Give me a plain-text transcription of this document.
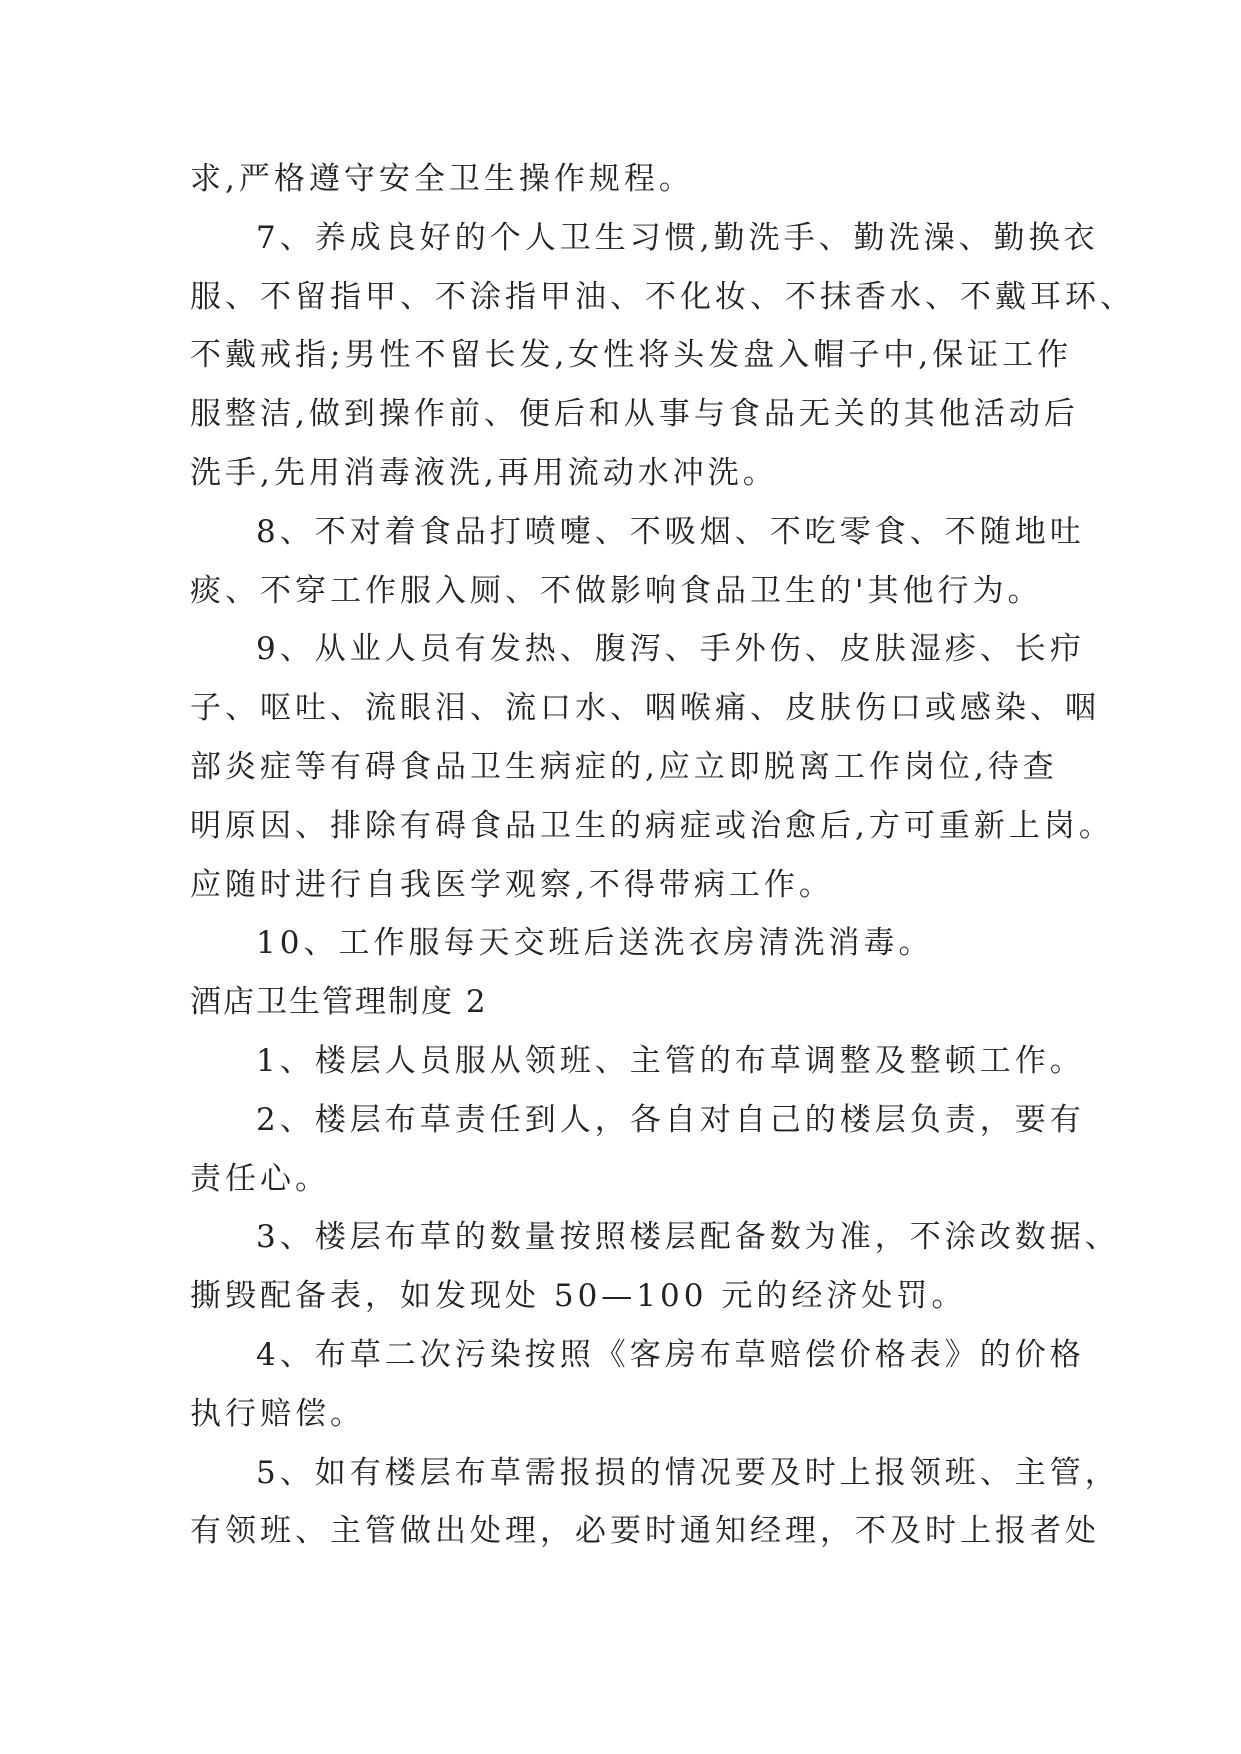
求,严格遵守安全卫生操作规程。
7、养成良好的个人卫生习惯,勤洗手、勤洗澡、勤换衣
服、不留指甲、不涂指甲油、不化妆、不抹香水、不戴耳环、
不戴戒指;男性不留长发,女性将头发盘入帽子中,保证工作
服整洁,做到操作前、便后和从事与食品无关的其他活动后
洗手,先用消毒液洗,再用流动水冲洗。
8、不对着食品打喷嚏、不吸烟、不吃零食、不随地吐
痰、不穿工作服入厕、不做影响食品卫生的'其他行为。
9、从业人员有发热、腹泻、手外伤、皮肤湿疹、长疖
子、呕吐、流眼泪、流口水、咽喉痛、皮肤伤口或感染、咽
部炎症等有碍食品卫生病症的,应立即脱离工作岗位,待查
明原因、排除有碍食品卫生的病症或治愈后,方可重新上岗。
应随时进行自我医学观察,不得带病工作。
10、工作服每天交班后送洗衣房清洗消毒。
酒店卫生管理制度 2
1、楼层人员服从领班、主管的布草调整及整顿工作。
2、楼层布草责任到人，各自对自己的楼层负责，要有
责任心。
3、楼层布草的数量按照楼层配备数为准，不涂改数据、
撕毁配备表，如发现处 50—100 元的经济处罚。
4、布草二次污染按照《客房布草赔偿价格表》的价格
执行赔偿。
5、如有楼层布草需报损的情况要及时上报领班、主管，
有领班、主管做出处理，必要时通知经理，不及时上报者处
